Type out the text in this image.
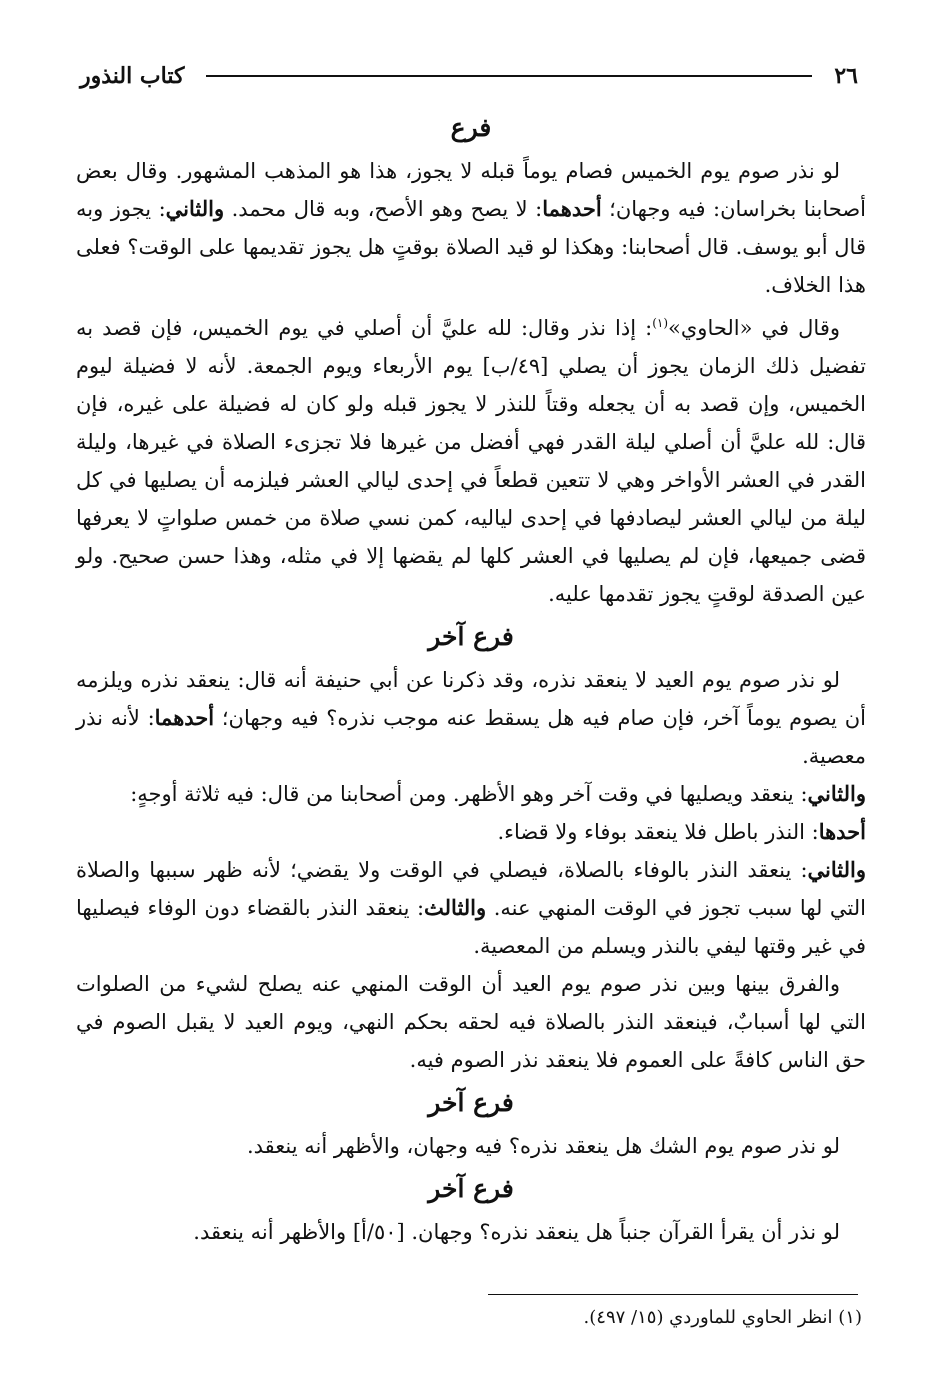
٢٦
كتاب النذور
فرع

لو نذر صوم يوم الخميس فصام يوماً قبله لا يجوز، هذا هو المذهب المشهور. وقال بعض أصحابنا بخراسان: فيه وجهان؛ أحدهما: لا يصح وهو الأصح، وبه قال محمد. والثاني: يجوز وبه قال أبو يوسف. قال أصحابنا: وهكذا لو قيد الصلاة بوقتٍ هل يجوز تقديمها على الوقت؟ فعلى هذا الخلاف.

وقال في «الحاوي»$^{(١)}$: إذا نذر وقال: لله عليَّ أن أصلي في يوم الخميس، فإن قصد به تفضيل ذلك الزمان يجوز أن يصلي [٤٩/ب] يوم الأربعاء ويوم الجمعة. لأنه لا فضيلة ليوم الخميس، وإن قصد به أن يجعله وقتاً للنذر لا يجوز قبله ولو كان له فضيلة على غيره، فإن قال: لله عليَّ أن أصلي ليلة القدر فهي أفضل من غيرها فلا تجزىء الصلاة في غيرها، وليلة القدر في العشر الأواخر وهي لا تتعين قطعاً في إحدى ليالي العشر فيلزمه أن يصليها في كل ليلة من ليالي العشر ليصادفها في إحدى لياليه، كمن نسي صلاة من خمس صلواتٍ لا يعرفها قضى جميعها، فإن لم يصليها في العشر كلها لم يقضها إلا في مثله، وهذا حسن صحيح. ولو عين الصدقة لوقتٍ يجوز تقدمها عليه.

فرع آخر

لو نذر صوم يوم العيد لا ينعقد نذره، وقد ذكرنا عن أبي حنيفة أنه قال: ينعقد نذره ويلزمه أن يصوم يوماً آخر، فإن صام فيه هل يسقط عنه موجب نذره؟ فيه وجهان؛ أحدهما: لأنه نذر معصية.

والثاني: ينعقد ويصليها في وقت آخر وهو الأظهر. ومن أصحابنا من قال: فيه ثلاثة أوجهٍ:

أحدها: النذر باطل فلا ينعقد بوفاء ولا قضاء.

والثاني: ينعقد النذر بالوفاء بالصلاة، فيصلي في الوقت ولا يقضي؛ لأنه ظهر سببها والصلاة التي لها سبب تجوز في الوقت المنهي عنه. والثالث: ينعقد النذر بالقضاء دون الوفاء فيصليها في غير وقتها ليفي بالنذر ويسلم من المعصية.

والفرق بينها وبين نذر صوم يوم العيد أن الوقت المنهي عنه يصلح لشيء من الصلوات التي لها أسبابٌ، فينعقد النذر بالصلاة فيه لحقه بحكم النهي، ويوم العيد لا يقبل الصوم في حق الناس كافةً على العموم فلا ينعقد نذر الصوم فيه.

فرع آخر

لو نذر صوم يوم الشك هل ينعقد نذره؟ فيه وجهان، والأظهر أنه ينعقد.

فرع آخر

لو نذر أن يقرأ القرآن جنباً هل ينعقد نذره؟ وجهان. [٥٠/أ] والأظهر أنه ينعقد.

(١) انظر الحاوي للماوردي (١٥/ ٤٩٧).
